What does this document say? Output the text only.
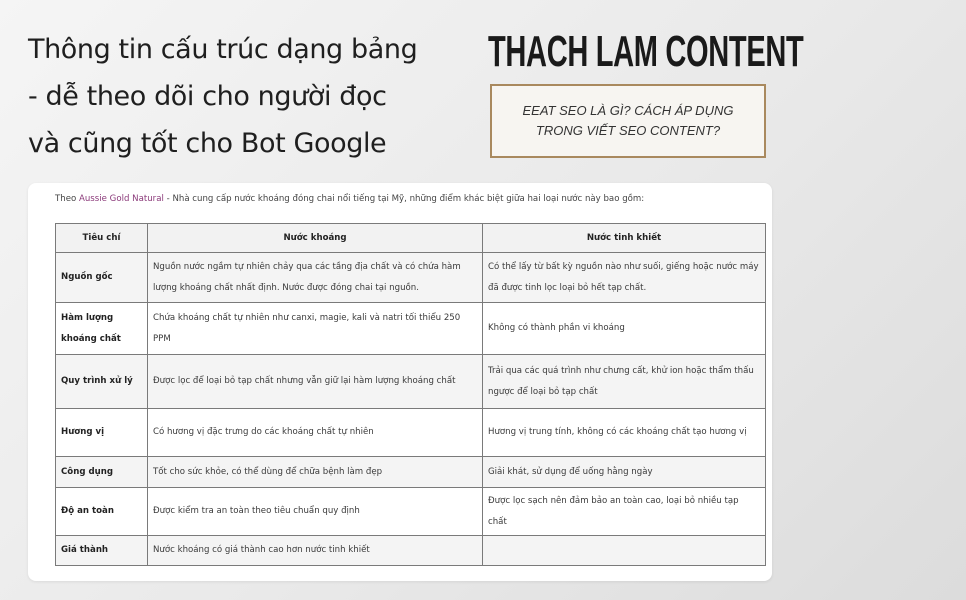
Thông tin cấu trúc dạng bảng
- dễ theo dõi cho người đọc
và cũng tốt cho Bot Google
THACH LAM CONTENT
EEAT SEO LÀ GÌ? CÁCH ÁP DỤNG
TRONG VIẾT SEO CONTENT?
Theo Aussie Gold Natural - Nhà cung cấp nước khoáng đóng chai nổi tiếng tại Mỹ, những điểm khác biệt giữa hai loại nước này bao gồm:
Tiêu chí	Nước khoáng	Nước tinh khiết
Nguồn gốc	Nguồn nước ngầm tự nhiên chảy qua các tầng địa chất và có chứa hàm lượng khoáng chất nhất định. Nước được đóng chai tại nguồn.	Có thể lấy từ bất kỳ nguồn nào như suối, giếng hoặc nước máy đã được tinh lọc loại bỏ hết tạp chất.
Hàm lượng khoáng chất	Chứa khoáng chất tự nhiên như canxi, magie, kali và natri tối thiểu 250 PPM	Không có thành phần vi khoáng
Quy trình xử lý	Được lọc để loại bỏ tạp chất nhưng vẫn giữ lại hàm lượng khoáng chất	Trải qua các quá trình như chưng cất, khử ion hoặc thẩm thấu ngược để loại bỏ tạp chất
Hương vị	Có hương vị đặc trưng do các khoáng chất tự nhiên	Hương vị trung tính, không có các khoáng chất tạo hương vị
Công dụng	Tốt cho sức khỏe, có thể dùng để chữa bệnh làm đẹp	Giải khát, sử dụng để uống hằng ngày
Độ an toàn	Được kiểm tra an toàn theo tiêu chuẩn quy định	Được lọc sạch nên đảm bảo an toàn cao, loại bỏ nhiều tạp chất
Giá thành	Nước khoáng có giá thành cao hơn nước tinh khiết	
